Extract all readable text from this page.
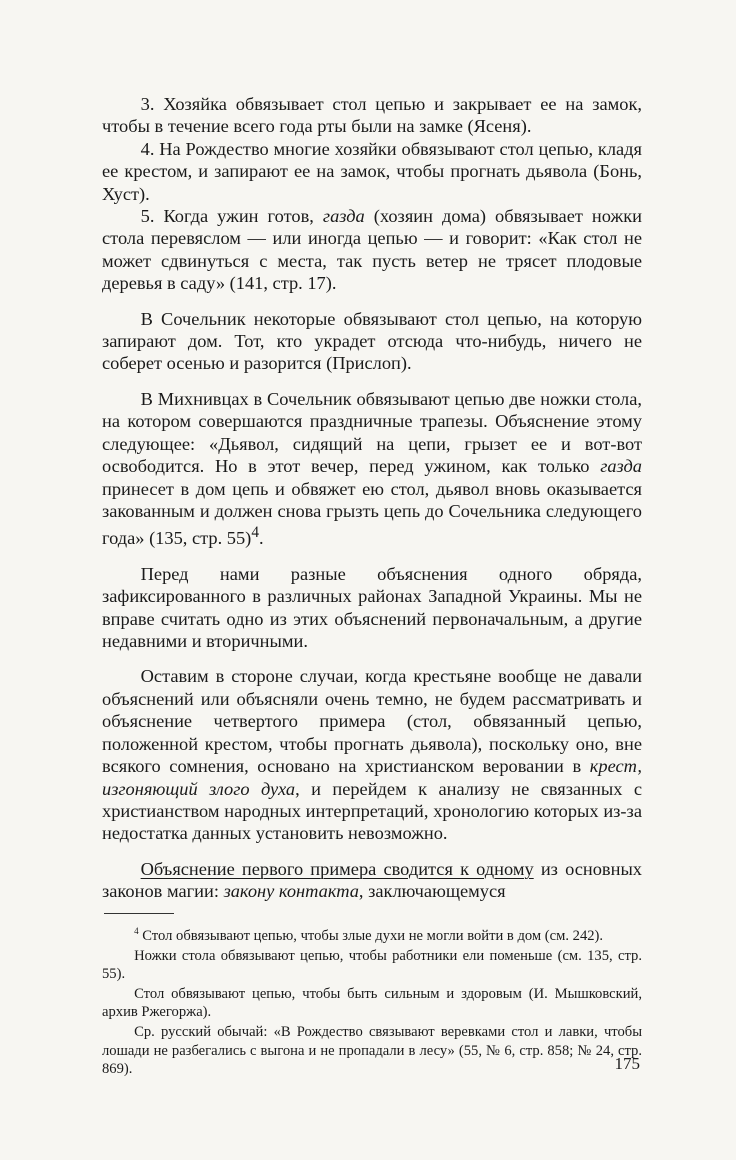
3. Хозяйка обвязывает стол цепью и закрывает ее на замок, чтобы в течение всего года рты были на замке (Ясеня).

4. На Рождество многие хозяйки обвязывают стол цепью, кладя ее крестом, и запирают ее на замок, чтобы прогнать дьявола (Бонь, Хуст).

5. Когда ужин готов, газда (хозяин дома) обвязывает ножки стола перевяслом — или иногда цепью — и говорит: «Как стол не может сдвинуться с места, так пусть ветер не трясет плодовые деревья в саду» (141, стр. 17).

В Сочельник некоторые обвязывают стол цепью, на которую запирают дом. Тот, кто украдет отсюда что-нибудь, ничего не соберет осенью и разорится (Прислоп).

В Михнивцах в Сочельник обвязывают цепью две ножки стола, на котором совершаются праздничные трапезы. Объяснение этому следующее: «Дьявол, сидящий на цепи, грызет ее и вот-вот освободится. Но в этот вечер, перед ужином, как только газда принесет в дом цепь и обвяжет ею стол, дьявол вновь оказывается закованным и должен снова грызть цепь до Сочельника следующего года» (135, стр. 55)$^4$.

Перед нами разные объяснения одного обряда, зафиксированного в различных районах Западной Украины. Мы не вправе считать одно из этих объяснений первоначальным, а другие недавними и вторичными.

Оставим в стороне случаи, когда крестьяне вообще не давали объяснений или объясняли очень темно, не будем рассматривать и объяснение четвертого примера (стол, обвязанный цепью, положенной крестом, чтобы прогнать дьявола), поскольку оно, вне всякого сомнения, основано на христианском веровании в крест, изгоняющий злого духа, и перейдем к анализу не связанных с христианством народных интерпретаций, хронологию которых из-за недостатка данных установить невозможно.

Объяснение первого примера сводится к одному из основных законов магии: закону контакта, заключающемуся

$^4$ Стол обвязывают цепью, чтобы злые духи не могли войти в дом (см. 242).

Ножки стола обвязывают цепью, чтобы работники ели поменьше (см. 135, стр. 55).

Стол обвязывают цепью, чтобы быть сильным и здоровым (И. Мышковский, архив Ржегоржа).

Ср. русский обычай: «В Рождество связывают веревками стол и лавки, чтобы лошади не разбегались с выгона и не пропадали в лесу» (55, № 6, стр. 858; № 24, стр. 869).	175
